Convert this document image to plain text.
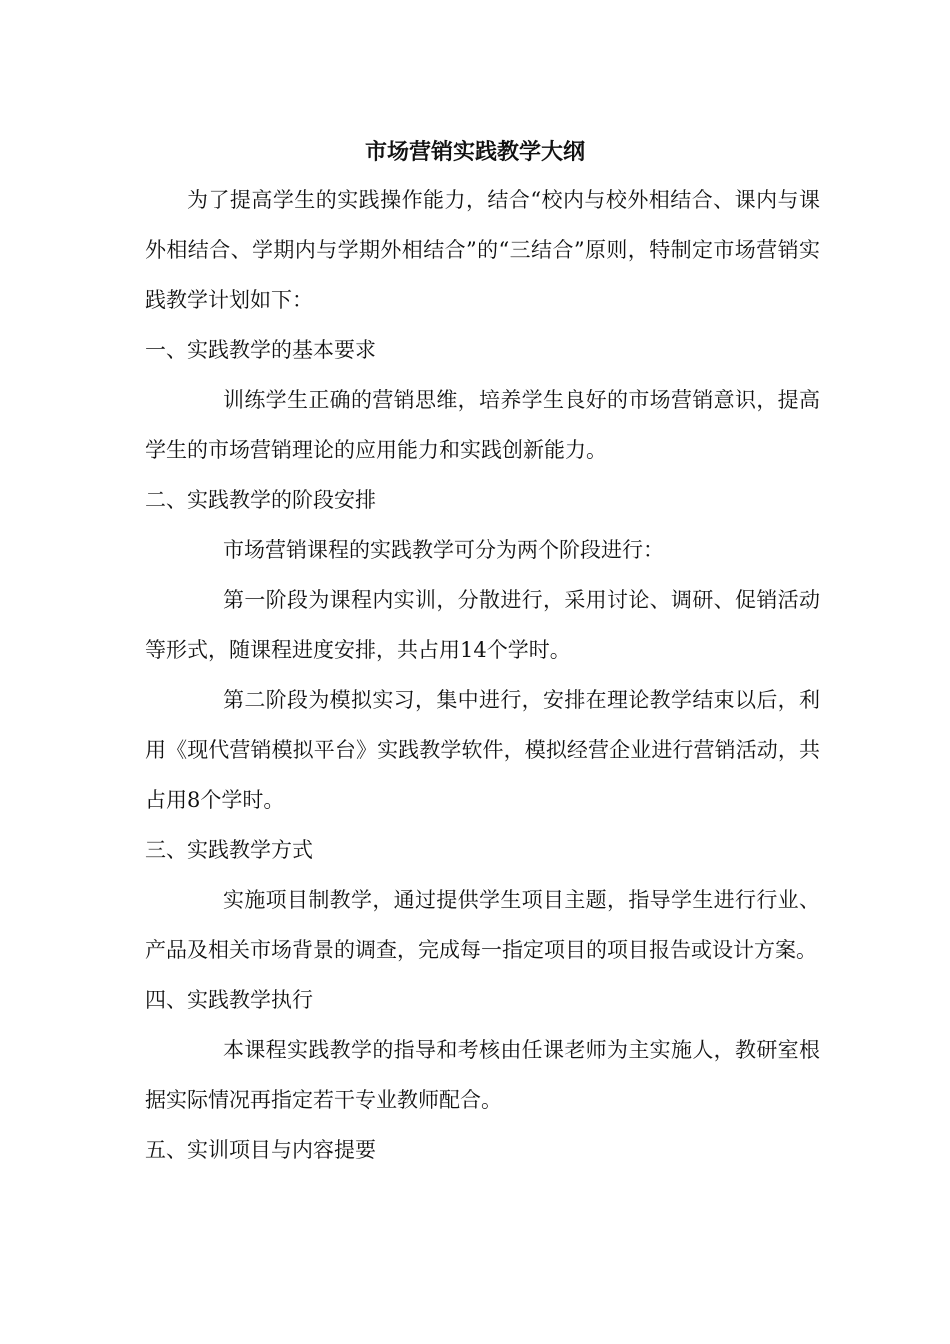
市场营销实践教学大纲

为了提高学生的实践操作能力，结合“校内与校外相结合、课内与课外相结合、学期内与学期外相结合”的“三结合”原则，特制定市场营销实践教学计划如下：

一、实践教学的基本要求

训练学生正确的营销思维，培养学生良好的市场营销意识，提高学生的市场营销理论的应用能力和实践创新能力。

二、实践教学的阶段安排

市场营销课程的实践教学可分为两个阶段进行：

第一阶段为课程内实训，分散进行，采用讨论、调研、促销活动等形式，随课程进度安排，共占用14个学时。

第二阶段为模拟实习，集中进行，安排在理论教学结束以后，利用《现代营销模拟平台》实践教学软件，模拟经营企业进行营销活动，共占用8个学时。

三、实践教学方式

实施项目制教学，通过提供学生项目主题，指导学生进行行业、产品及相关市场背景的调查，完成每一指定项目的项目报告或设计方案。

四、实践教学执行

本课程实践教学的指导和考核由任课老师为主实施人，教研室根据实际情况再指定若干专业教师配合。

五、实训项目与内容提要
